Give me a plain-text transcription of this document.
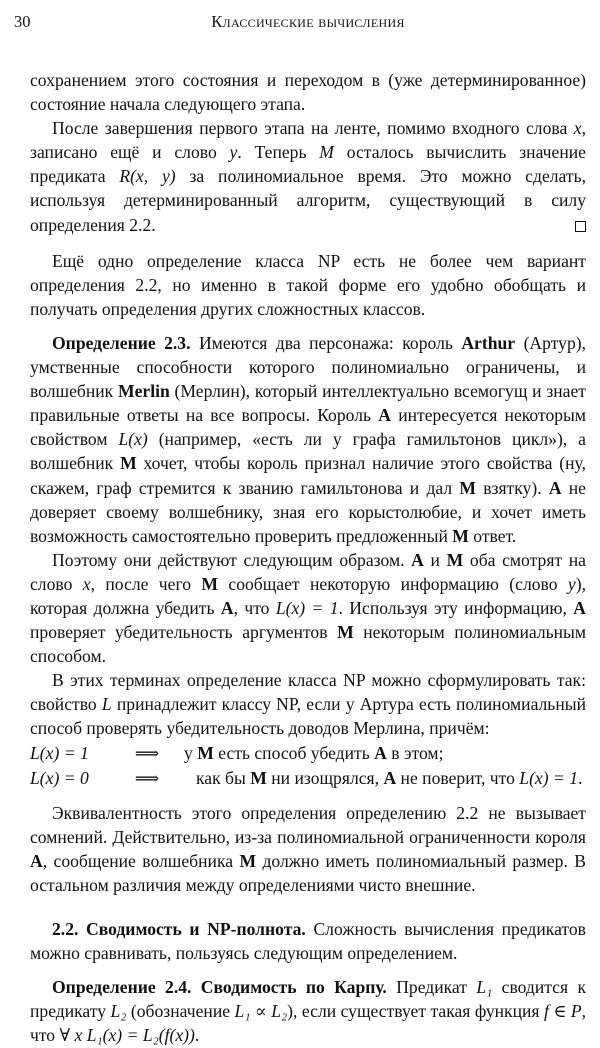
30	Классические вычисления

сохранением этого состояния и переходом в (уже детерминированное) состояние начала следующего этапа.

После завершения первого этапа на ленте, помимо входного слова x, записано ещё и слово y. Теперь M осталось вычислить значение предиката R(x, y) за полиномиальное время. Это можно сделать, используя детерминированный алгоритм, существующий в силу определения 2.2.

Ещё одно определение класса NP есть не более чем вариант определения 2.2, но именно в такой форме его удобно обобщать и получать определения других сложностных классов.

Определение 2.3. Имеются два персонажа: король Arthur (Артур), умственные способности которого полиномиально ограничены, и волшебник Merlin (Мерлин), который интеллектуально всемогущ и знает правильные ответы на все вопросы. Король A интересуется некоторым свойством L(x) (например, «есть ли у графа гамильтонов цикл»), а волшебник M хочет, чтобы король признал наличие этого свойства (ну, скажем, граф стремится к званию гамильтонова и дал M взятку). A не доверяет своему волшебнику, зная его корыстолюбие, и хочет иметь возможность самостоятельно проверить предложенный M ответ.

Поэтому они действуют следующим образом. A и M оба смотрят на слово x, после чего M сообщает некоторую информацию (слово y), которая должна убедить A, что L(x) = 1. Используя эту информацию, A проверяет убедительность аргументов M некоторым полиномиальным способом.

В этих терминах определение класса NP можно сформулировать так: свойство L принадлежит классу NP, если у Артура есть полиномиальный способ проверять убедительность доводов Мерлина, причём:

L(x) = 1	⟹	у M есть способ убедить A в этом;
L(x) = 0	⟹	как бы M ни изощрялся, A не поверит, что L(x) = 1.

Эквивалентность этого определения определению 2.2 не вызывает сомнений. Действительно, из-за полиномиальной ограниченности короля A, сообщение волшебника M должно иметь полиномиальный размер. В остальном различия между определениями чисто внешние.

2.2. Сводимость и NP-полнота. Сложность вычисления предикатов можно сравнивать, пользуясь следующим определением.

Определение 2.4. Сводимость по Карпу. Предикат L₁ сводится к предикату L₂ (обозначение L₁ ∝ L₂), если существует такая функция f ∈ P, что ∀ x L₁(x) = L₂(f(x)).
